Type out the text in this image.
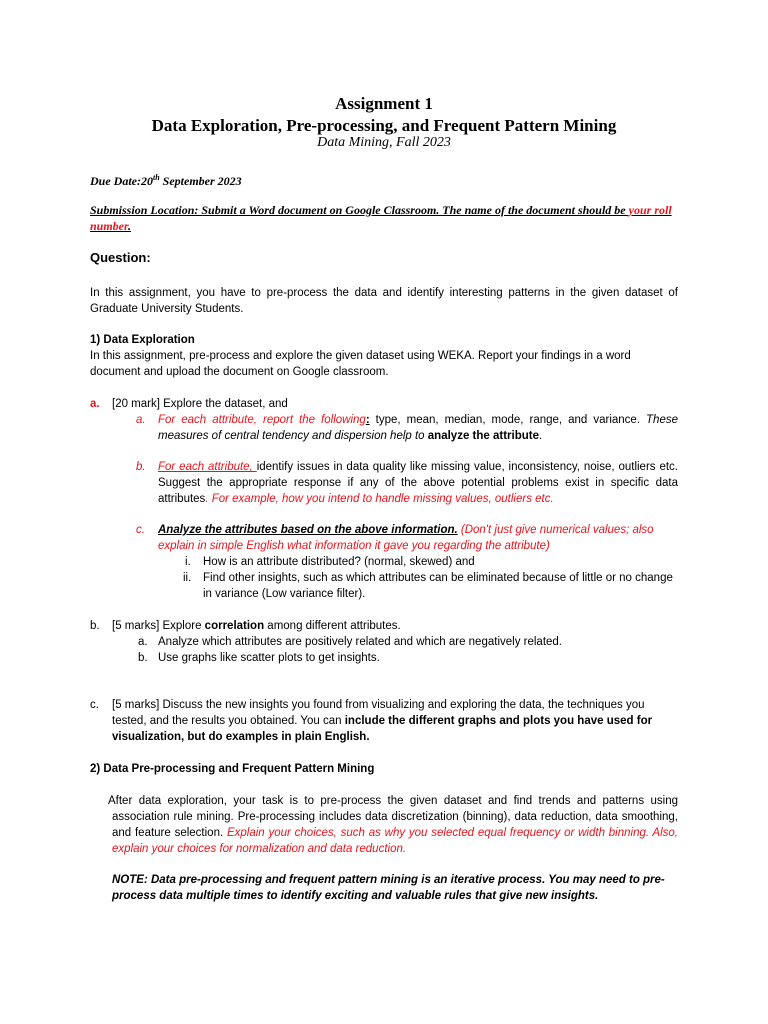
Assignment 1
Data Exploration, Pre-processing, and Frequent Pattern Mining
Data Mining, Fall 2023
Due Date:20th September 2023
Submission Location: Submit a Word document on Google Classroom. The name of the document should be your roll number.
Question:
In this assignment, you have to pre-process the data and identify interesting patterns in the given dataset of Graduate University Students.
1) Data Exploration
In this assignment, pre-process and explore the given dataset using WEKA. Report your findings in a word document and upload the document on Google classroom.
a. [20 mark] Explore the dataset, and
a. For each attribute, report the following: type, mean, median, mode, range, and variance. These measures of central tendency and dispersion help to analyze the attribute.
b. For each attribute, identify issues in data quality like missing value, inconsistency, noise, outliers etc. Suggest the appropriate response if any of the above potential problems exist in specific data attributes. For example, how you intend to handle missing values, outliers etc.
c. Analyze the attributes based on the above information. (Don't just give numerical values; also explain in simple English what information it gave you regarding the attribute)
i. How is an attribute distributed? (normal, skewed) and
ii. Find other insights, such as which attributes can be eliminated because of little or no change in variance (Low variance filter).
b. [5 marks] Explore correlation among different attributes.
a. Analyze which attributes are positively related and which are negatively related.
b. Use graphs like scatter plots to get insights.
c. [5 marks] Discuss the new insights you found from visualizing and exploring the data, the techniques you tested, and the results you obtained. You can include the different graphs and plots you have used for visualization, but do examples in plain English.
2) Data Pre-processing and Frequent Pattern Mining
After data exploration, your task is to pre-process the given dataset and find trends and patterns using association rule mining. Pre-processing includes data discretization (binning), data reduction, data smoothing, and feature selection. Explain your choices, such as why you selected equal frequency or width binning. Also, explain your choices for normalization and data reduction.
NOTE: Data pre-processing and frequent pattern mining is an iterative process. You may need to pre-process data multiple times to identify exciting and valuable rules that give new insights.
